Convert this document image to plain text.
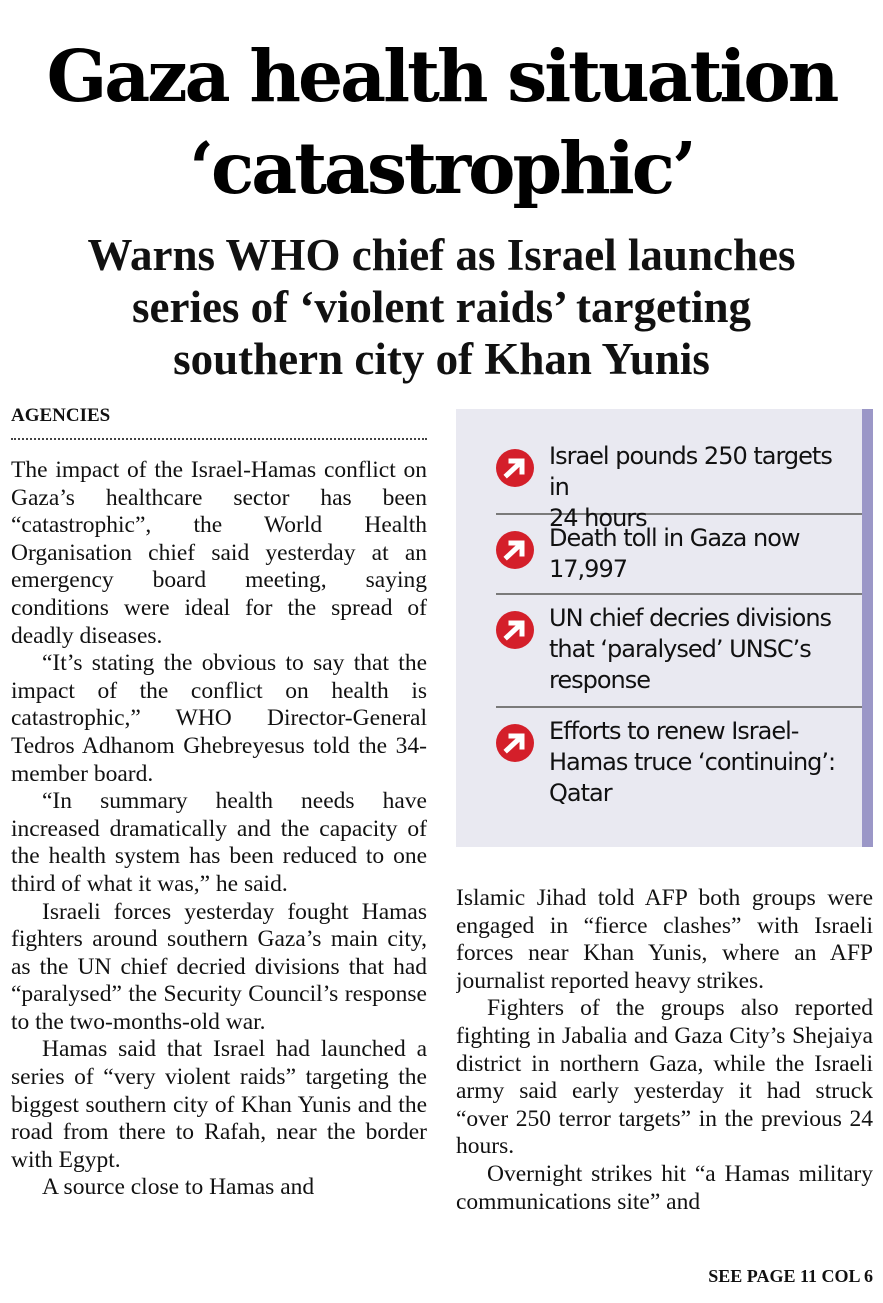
Gaza health situation
‘catastrophic’
Warns WHO chief as Israel launches
series of ‘violent raids’ targeting
southern city of Khan Yunis
AGENCIES

The impact of the Israel-Hamas conflict on Gaza’s healthcare sector has been “catastrophic”, the World Health Organisation chief said yesterday at an emergency board meeting, saying conditions were ideal for the spread of deadly diseases.

“It’s stating the obvious to say that the impact of the conflict on health is catastrophic,” WHO Director-General Tedros Adhanom Ghebreyesus told the 34-member board.

“In summary health needs have increased dramatically and the capacity of the health system has been reduced to one third of what it was,” he said.

Israeli forces yesterday fought Hamas fighters around southern Gaza’s main city, as the UN chief decried divisions that had “paralysed” the Security Council’s response to the two-months-old war.

Hamas said that Israel had launched a series of “very violent raids” targeting the biggest southern city of Khan Yunis and the road from there to Rafah, near the border with Egypt.

A source close to Hamas and

Israel pounds 250 targets in
24 hours
Death toll in Gaza now
17,997
UN chief decries divisions
that ‘paralysed’ UNSC’s
response
Efforts to renew Israel-
Hamas truce ‘continuing’:
Qatar

Islamic Jihad told AFP both groups were engaged in “fierce clashes” with Israeli forces near Khan Yunis, where an AFP journalist reported heavy strikes.

Fighters of the groups also reported fighting in Jabalia and Gaza City’s Shejaiya district in northern Gaza, while the Israeli army said early yesterday it had struck “over 250 terror targets” in the previous 24 hours.

Overnight strikes hit “a Hamas military communications site” and

SEE PAGE 11 COL 6
